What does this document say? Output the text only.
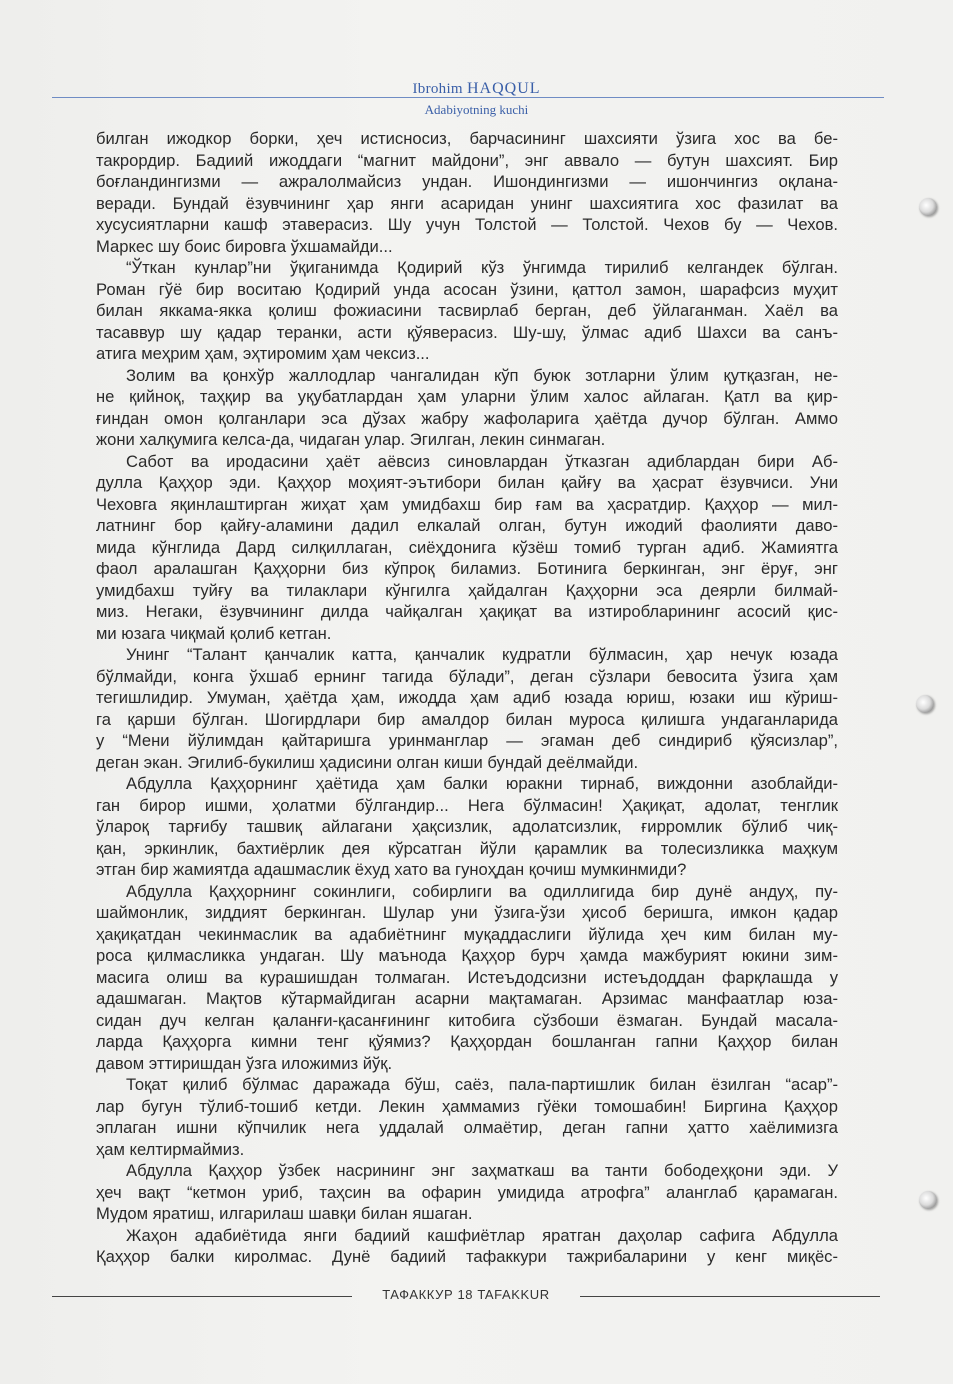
Ibrohim HAQQUL
Adabiyotning kuchi
билган ижодкор борки, ҳеч истисносиз, барчасининг шахсияти ўзига хос ва бе-
такрордир. Бадиий ижоддаги “магнит майдони”, энг аввало — бутун шахсият. Бир
боғландингизми — ажралолмайсиз ундан. Ишондингизми — ишончингиз оқлана-
веради. Бундай ёзувчининг ҳар янги асаридан унинг шахсиятига хос фазилат ва
хусусиятларни кашф этаверасиз. Шу учун Толстой — Толстой. Чехов бу — Чехов.
Маркес шу боис бировга ўхшамайди...
“Ўткан кунлар”ни ўқиганимда Қодирий кўз ўнгимда тирилиб келгандек бўлган.
Роман гўё бир воситаю Қодирий унда асосан ўзини, қаттол замон, шарафсиз муҳит
билан яккама-якка қолиш фожиасини тасвирлаб берган, деб ўйлаганман. Хаёл ва
тасаввур шу қадар теранки, асти қўяверасиз. Шу-шу, ўлмас адиб Шахси ва санъ-
атига меҳрим ҳам, эҳтиромим ҳам чексиз...
Золим ва қонхўр жаллодлар чангалидан кўп буюк зотларни ўлим қутқазган, не-
не қийноқ, таҳқир ва уқубатлардан ҳам уларни ўлим халос айлаган. Қатл ва қир-
ғиндан омон қолганлари эса дўзах жабру жафоларига ҳаётда дучор бўлган. Аммо
жони халқумига келса-да, чидаган улар. Эгилган, лекин синмаган.
Сабот ва иродасини ҳаёт аёвсиз синовлардан ўтказган адиблардан бири Аб-
дулла Қаҳҳор эди. Қаҳҳор моҳият-эътибори билан қайғу ва ҳасрат ёзувчиси. Уни
Чеховга яқинлаштирган жиҳат ҳам умидбахш бир ғам ва ҳасратдир. Қаҳҳор — мил-
латнинг бор қайғу-аламини дадил елкалай олган, бутун ижодий фаолияти даво-
мида кўнглида Дард силқиллаган, сиёҳдонига кўзёш томиб турган адиб. Жамиятга
фаол аралашган Қаҳҳорни биз кўпроқ биламиз. Ботинига беркинган, энг ёруғ, энг
умидбахш туйғу ва тилаклари кўнгилга ҳайдалган Қаҳҳорни эса деярли билмай-
миз. Негаки, ёзувчининг дилда чайқалган ҳақиқат ва изтиробларининг асосий қис-
ми юзага чиқмай қолиб кетган.
Унинг “Талант қанчалик катта, қанчалик кудратли бўлмасин, ҳар нечук юзада
бўлмайди, конга ўхшаб ернинг тагида бўлади”, деган сўзлари бевосита ўзига ҳам
тегишлидир. Умуман, ҳаётда ҳам, ижодда ҳам адиб юзада юриш, юзаки иш кўриш-
га қарши бўлган. Шогирдлари бир амалдор билан муроса қилишга ундаганларида
у “Мени йўлимдан қайтаришга уринманглар — эгаман деб синдириб қўясизлар”,
деган экан. Эгилиб-букилиш ҳадисини олган киши бундай деёлмайди.
Абдулла Қаҳҳорнинг ҳаётида ҳам балки юракни тирнаб, виждонни азоблайди-
ган бирор ишми, ҳолатми бўлгандир... Нега бўлмасин! Ҳақиқат, адолат, тенглик
ўлароқ тарғибу ташвиқ айлагани ҳақсизлик, адолатсизлик, ғирромлик бўлиб чиқ-
қан, эркинлик, бахтиёрлик дея кўрсатган йўли қарамлик ва толесизликка маҳкум
этган бир жамиятда адашмаслик ёхуд хато ва гуноҳдан қочиш мумкинмиди?
Абдулла Қаҳҳорнинг сокинлиги, собирлиги ва одиллигида бир дунё андуҳ, пу-
шаймонлик, зиддият беркинган. Шулар уни ўзига-ўзи ҳисоб беришга, имкон қадар
ҳақиқатдан чекинмаслик ва адабиётнинг муқаддаслиги йўлида ҳеч ким билан му-
роса қилмасликка ундаган. Шу маънода Қаҳҳор бурч ҳамда мажбурият юкини зим-
масига олиш ва курашишдан толмаган. Истеъдодсизни истеъдоддан фарқлашда у
адашмаган. Мақтов кўтармайдиган асарни мақтамаган. Арзимас манфаатлар юза-
сидан дуч келган қаланғи-қасанғининг китобига сўзбоши ёзмаган. Бундай масала-
ларда Қаҳҳорга кимни тенг қўямиз? Қаҳҳордан бошланган гапни Қаҳҳор билан
давом эттиришдан ўзга иложимиз йўқ.
Тоқат қилиб бўлмас даражада бўш, саёз, пала-партишлик билан ёзилган “асар”-
лар бугун тўлиб-тошиб кетди. Лекин ҳаммамиз гўёки томошабин! Биргина Қаҳҳор
эплаган ишни кўпчилик нега уддалай олмаётир, деган гапни ҳатто хаёлимизга
ҳам келтирмаймиз.
Абдулла Қаҳҳор ўзбек насрининг энг заҳматкаш ва танти бободеҳқони эди. У
ҳеч вақт “кетмон уриб, таҳсин ва офарин умидида атрофга” аланглаб қарамаган.
Мудом яратиш, илгарилаш шавқи билан яшаган.
Жаҳон адабиётида янги бадиий кашфиётлар яратган даҳолар сафига Абдулла
Қаҳҳор балки киролмас. Дунё бадиий тафаккури тажрибаларини у кенг миқёс-
ТАФАККУР 18 TAFAKKUR
